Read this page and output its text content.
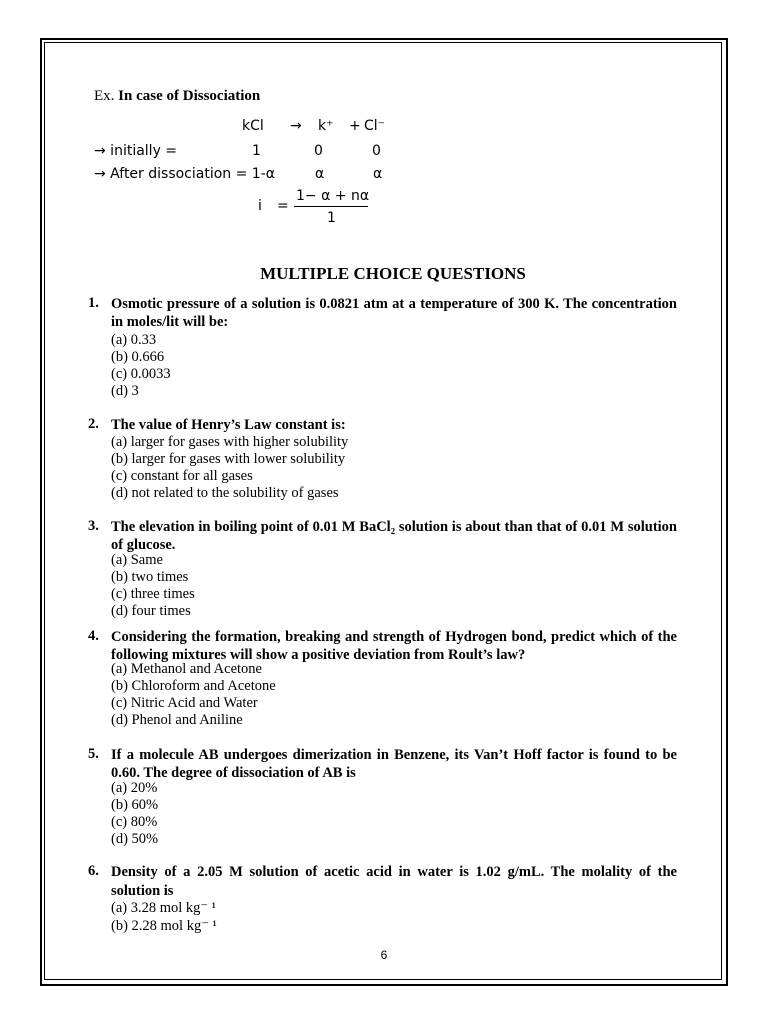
Ex. In case of Dissociation
kCl → k⁺ + Cl⁻
→ initially =	1	0	0
→ After dissociation = 1-α	α	α
i =
1− α + nα
1
MULTIPLE CHOICE QUESTIONS
1. Osmotic pressure of a solution is 0.0821 atm at a temperature of 300 K. The concentration in moles/lit will be:
(a) 0.33
(b) 0.666
(c) 0.0033
(d) 3
2. The value of Henry’s Law constant is:
(a) larger for gases with higher solubility
(b) larger for gases with lower solubility
(c) constant for all gases
(d) not related to the solubility of gases
3. The elevation in boiling point of 0.01 M BaCl₂ solution is about than that of 0.01 M solution of glucose.
(a) Same
(b) two times
(c) three times
(d) four times
4. Considering the formation, breaking and strength of Hydrogen bond, predict which of the following mixtures will show a positive deviation from Roult’s law?
(a) Methanol and Acetone
(b) Chloroform and Acetone
(c) Nitric Acid and Water
(d) Phenol and Aniline
5. If a molecule AB undergoes dimerization in Benzene, its Van’t Hoff factor is found to be 0.60. The degree of dissociation of AB is
(a) 20%
(b) 60%
(c) 80%
(d) 50%
6. Density of a 2.05 M solution of acetic acid in water is 1.02 g/mL. The molality of the solution is
(a) 3.28 mol kg⁻ ¹
(b) 2.28 mol kg⁻ ¹
6
